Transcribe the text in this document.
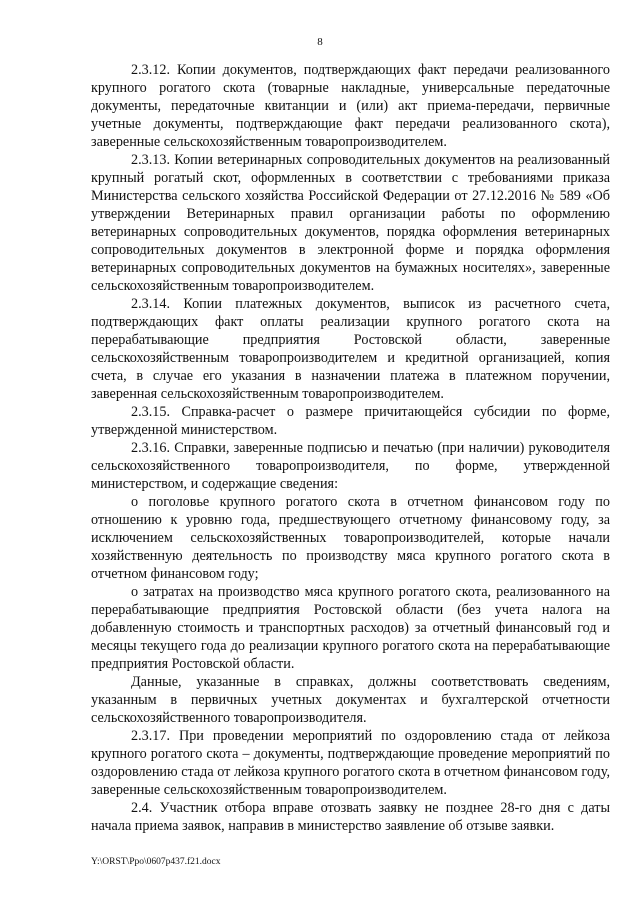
8

2.3.12. Копии документов, подтверждающих факт передачи реализованного крупного рогатого скота (товарные накладные, универсальные передаточные документы, передаточные квитанции и (или) акт приема-передачи, первичные учетные документы, подтверждающие факт передачи реализованного скота), заверенные сельскохозяйственным товаропроизводителем.

2.3.13. Копии ветеринарных сопроводительных документов на реализованный крупный рогатый скот, оформленных в соответствии с требованиями приказа Министерства сельского хозяйства Российской Федерации от 27.12.2016 № 589 «Об утверждении Ветеринарных правил организации работы по оформлению ветеринарных сопроводительных документов, порядка оформления ветеринарных сопроводительных документов в электронной форме и порядка оформления ветеринарных сопроводительных документов на бумажных носителях», заверенные сельскохозяйственным товаропроизводителем.

2.3.14. Копии платежных документов, выписок из расчетного счета, подтверждающих факт оплаты реализации крупного рогатого скота на перерабатывающие предприятия Ростовской области, заверенные сельскохозяйственным товаропроизводителем и кредитной организацией, копия счета, в случае его указания в назначении платежа в платежном поручении, заверенная сельскохозяйственным товаропроизводителем.

2.3.15. Справка-расчет о размере причитающейся субсидии по форме, утвержденной министерством.

2.3.16. Справки, заверенные подписью и печатью (при наличии) руководителя сельскохозяйственного товаропроизводителя, по форме, утвержденной министерством, и содержащие сведения:

о поголовье крупного рогатого скота в отчетном финансовом году по отношению к уровню года, предшествующего отчетному финансовому году, за исключением сельскохозяйственных товаропроизводителей, которые начали хозяйственную деятельность по производству мяса крупного рогатого скота в отчетном финансовом году;

о затратах на производство мяса крупного рогатого скота, реализованного на перерабатывающие предприятия Ростовской области (без учета налога на добавленную стоимость и транспортных расходов) за отчетный финансовый год и месяцы текущего года до реализации крупного рогатого скота на перерабатывающие предприятия Ростовской области.

Данные, указанные в справках, должны соответствовать сведениям, указанным в первичных учетных документах и бухгалтерской отчетности сельскохозяйственного товаропроизводителя.

2.3.17. При проведении мероприятий по оздоровлению стада от лейкоза крупного рогатого скота – документы, подтверждающие проведение мероприятий по оздоровлению стада от лейкоза крупного рогатого скота в отчетном финансовом году, заверенные сельскохозяйственным товаропроизводителем.

2.4. Участник отбора вправе отозвать заявку не позднее 28-го дня с даты начала приема заявок, направив в министерство заявление об отзыве заявки.

Y:\ORST\Ppo\0607p437.f21.docx
